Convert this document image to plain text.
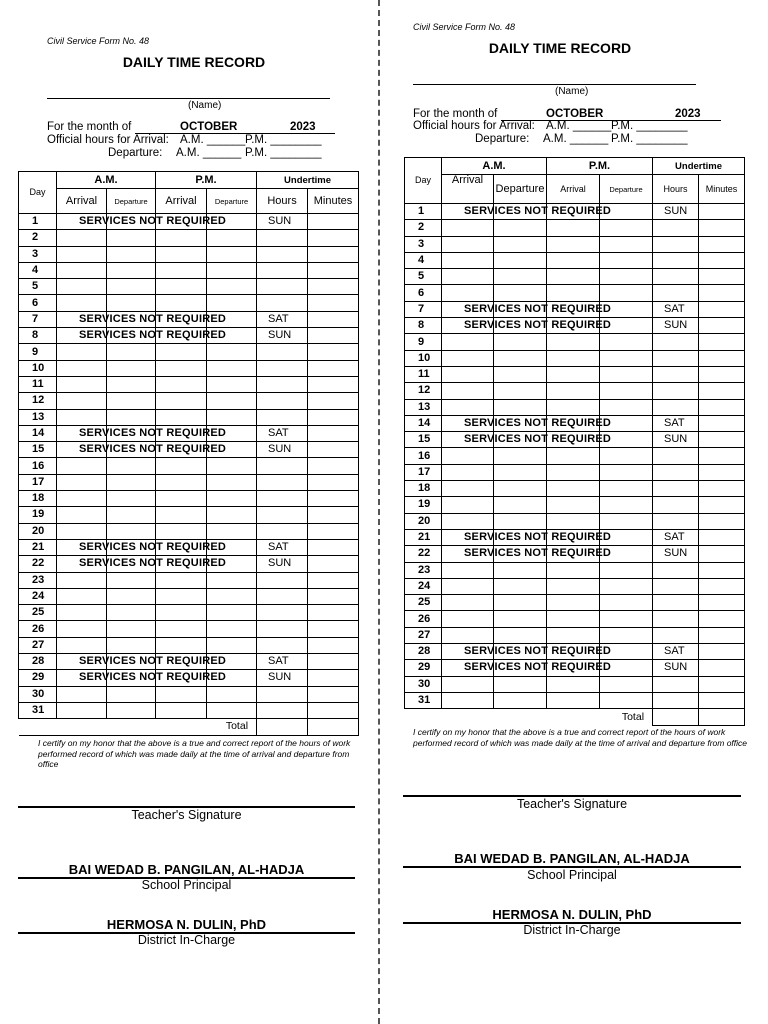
Civil Service Form No. 48
DAILY TIME RECORD
(Name)
For the month of	OCTOBER	2023
Official hours for Arrival: A.M. ______ P.M. ________
Departure: A.M. ______ P.M. ________
Day	A.M.		P.M.		Undertime	
	Arrival	Departure	Arrival	Departure	Hours	Minutes
1	SERVICES NOT REQUIRED				SUN	
2						
3						
4						
5						
6						
7	SERVICES NOT REQUIRED				SAT	
8	SERVICES NOT REQUIRED				SUN	
9						
10						
11						
12						
13						
14	SERVICES NOT REQUIRED				SAT	
15	SERVICES NOT REQUIRED				SUN	
16						
17						
18						
19						
20						
21	SERVICES NOT REQUIRED				SAT	
22	SERVICES NOT REQUIRED				SUN	
23						
24						
25						
26						
27						
28	SERVICES NOT REQUIRED				SAT	
29	SERVICES NOT REQUIRED				SUN	
30						
31						
Total						
I certify on my honor that the above is a true and correct report of the hours of work performed record of which was made daily at the time of arrival and departure from office
Teacher's Signature
BAI WEDAD B. PANGILAN, AL-HADJA
School Principal
HERMOSA N. DULIN, PhD
District In-Charge
Civil Service Form No. 48
DAILY TIME RECORD
(Name)
For the month of	OCTOBER	2023
Official hours for Arrival: A.M. ______ P.M. ________
Departure: A.M. ______ P.M. ________
Day	A.M.		P.M.		Undertime	
	Arrival	Departure	Arrival	Departure	Hours	Minutes
1	SERVICES NOT REQUIRED				SUN	
2						
3						
4						
5						
6						
7	SERVICES NOT REQUIRED				SAT	
8	SERVICES NOT REQUIRED				SUN	
9						
10						
11						
12						
13						
14	SERVICES NOT REQUIRED				SAT	
15	SERVICES NOT REQUIRED				SUN	
16						
17						
18						
19						
20						
21	SERVICES NOT REQUIRED				SAT	
22	SERVICES NOT REQUIRED				SUN	
23						
24						
25						
26						
27						
28	SERVICES NOT REQUIRED				SAT	
29	SERVICES NOT REQUIRED				SUN	
30						
31						
Total						
I certify on my honor that the above is a true and correct report of the hours of work performed record of which was made daily at the time of arrival and departure from office
Teacher's Signature
BAI WEDAD B. PANGILAN, AL-HADJA
School Principal
HERMOSA N. DULIN, PhD
District In-Charge
